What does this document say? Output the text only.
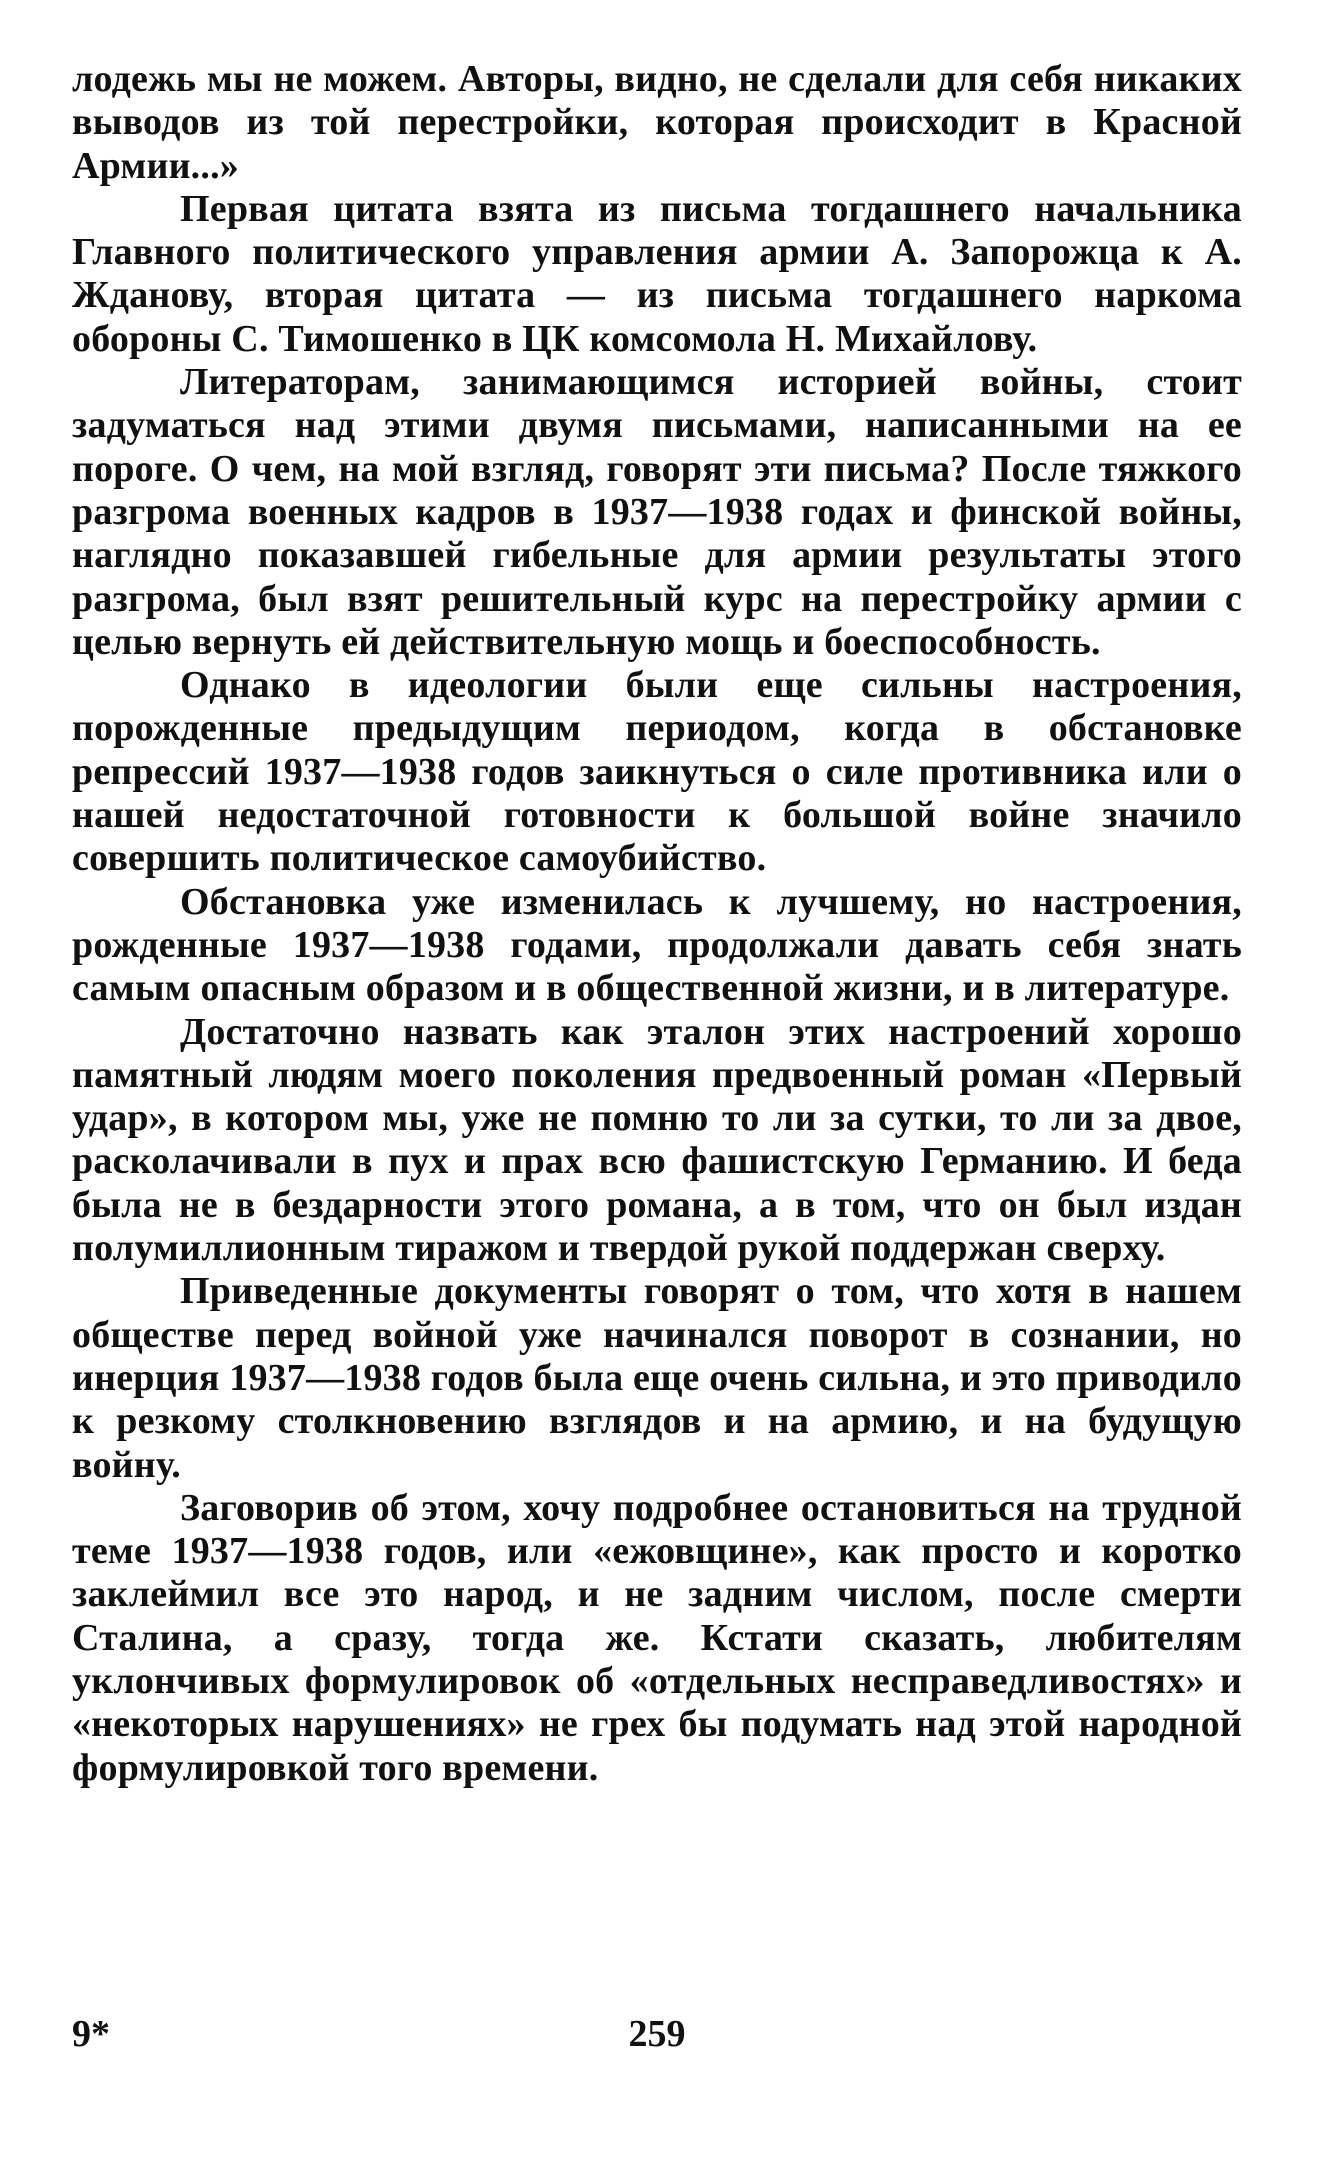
лодежь мы не можем. Авторы, видно, не сделали для себя никаких выводов из той перестройки, которая происходит в Красной Армии...»

Первая цитата взята из письма тогдашнего начальника Главного политического управления армии А. Запорожца к А. Жданову, вторая цитата — из письма тогдашнего наркома обороны С. Тимошенко в ЦК комсомола Н. Михайлову.

Литераторам, занимающимся историей войны, стоит задуматься над этими двумя письмами, написанными на ее пороге. О чем, на мой взгляд, говорят эти письма? После тяжкого разгрома военных кадров в 1937—1938 годах и финской войны, наглядно показавшей гибельные для армии результаты этого разгрома, был взят решительный курс на перестройку армии с целью вернуть ей действительную мощь и боеспособность.

Однако в идеологии были еще сильны настроения, порожденные предыдущим периодом, когда в обстановке репрессий 1937—1938 годов заикнуться о силе противника или о нашей недостаточной готовности к большой войне значило совершить политическое самоубийство.

Обстановка уже изменилась к лучшему, но настроения, рожденные 1937—1938 годами, продолжали давать себя знать самым опасным образом и в общественной жизни, и в литературе.

Достаточно назвать как эталон этих настроений хорошо памятный людям моего поколения предвоенный роман «Первый удар», в котором мы, уже не помню то ли за сутки, то ли за двое, расколачивали в пух и прах всю фашистскую Германию. И беда была не в бездарности этого романа, а в том, что он был издан полумиллионным тиражом и твердой рукой поддержан сверху.

Приведенные документы говорят о том, что хотя в нашем обществе перед войной уже начинался поворот в сознании, но инерция 1937—1938 годов была еще очень сильна, и это приводило к резкому столкновению взглядов и на армию, и на будущую войну.

Заговорив об этом, хочу подробнее остановиться на трудной теме 1937—1938 годов, или «ежовщине», как просто и коротко заклеймил все это народ, и не задним числом, после смерти Сталина, а сразу, тогда же. Кстати сказать, любителям уклончивых формулировок об «отдельных несправедливостях» и «некоторых нарушениях» не грех бы подумать над этой народной формулировкой того времени.

9*	259
